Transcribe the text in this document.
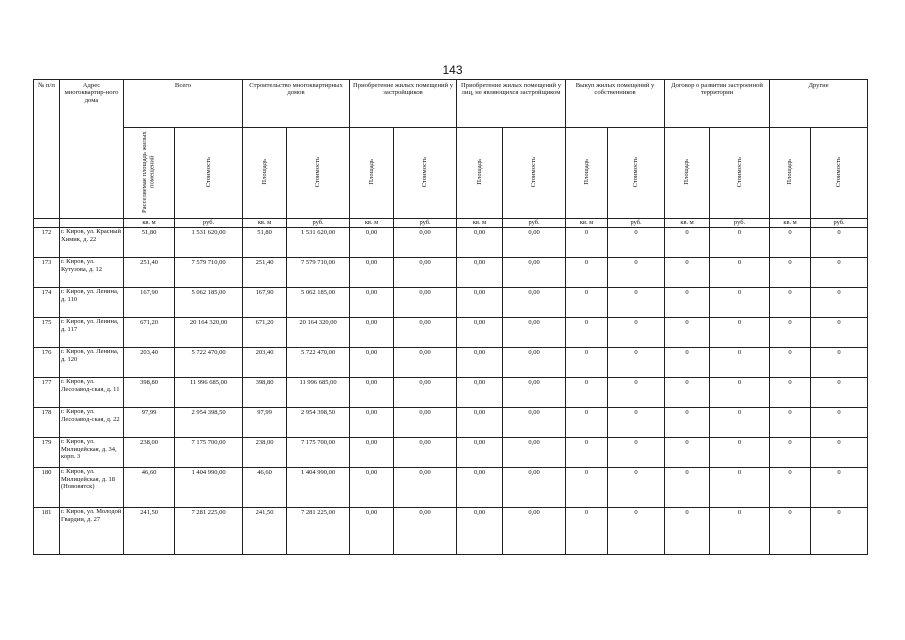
143
№ п/п	Адрес многоквартир-ного дома	Всего		Строительство многоквартирных домов		Приобретение жилых помещений у застройщиков		Приобретение жилых помещений у лиц, не являющихся застройщиком		Выкуп жилых помещений у собственников		Договор о развитии застроенной территории		Другие	
		Расселяемая площадь жилых помещений	Стоимость	Площадь	Стоимость	Площадь	Стоимость	Площадь	Стоимость	Площадь	Стоимость	Площадь	Стоимость	Площадь	Стоимость
		кв. м	руб.	кв. м	руб.	кв. м	руб.	кв. м	руб.	кв. м	руб.	кв. м	руб.	кв. м	руб.
172	г. Киров, ул. Красный Химик, д. 22	51,80	1 531 620,00	51,80	1 531 620,00	0,00	0,00	0,00	0,00	0	0	0	0	0	0
173	г. Киров, ул. Кутузова, д. 12	251,40	7 579 710,00	251,40	7 579 710,00	0,00	0,00	0,00	0,00	0	0	0	0	0	0
174	г. Киров, ул. Ленина, д. 110	167,90	5 062 185,00	167,90	5 062 185,00	0,00	0,00	0,00	0,00	0	0	0	0	0	0
175	г. Киров, ул. Ленина, д. 117	671,20	20 164 320,00	671,20	20 164 320,00	0,00	0,00	0,00	0,00	0	0	0	0	0	0
176	г. Киров, ул. Ленина, д. 120	203,40	5 722 470,00	203,40	5 722 470,00	0,00	0,00	0,00	0,00	0	0	0	0	0	0
177	г. Киров, ул. Лесозавод-ская, д. 11	398,80	11 996 685,00	398,80	11 996 685,00	0,00	0,00	0,00	0,00	0	0	0	0	0	0
178	г. Киров, ул. Лесозавод-ская, д. 22	97,99	2 954 398,50	97,99	2 954 398,50	0,00	0,00	0,00	0,00	0	0	0	0	0	0
179	г. Киров, ул. Милицейская, д. 34, корп. 3	238,00	7 175 700,00	238,00	7 175 700,00	0,00	0,00	0,00	0,00	0	0	0	0	0	0
180	г. Киров, ул. Милицейская, д. 18 (Нововятск)	46,60	1 404 990,00	46,60	1 404 990,00	0,00	0,00	0,00	0,00	0	0	0	0	0	0
181	г. Киров, ул. Молодой Гвардии, д. 27	241,50	7 281 225,00	241,50	7 281 225,00	0,00	0,00	0,00	0,00	0	0	0	0	0	0
